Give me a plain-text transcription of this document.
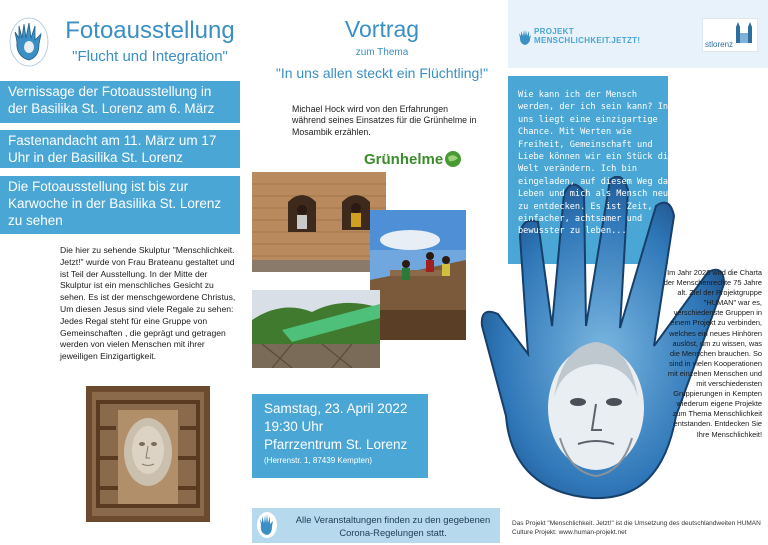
Fotoausstellung
"Flucht und Integration"
Vernissage der Fotoausstellung in der Basilika St. Lorenz am 6. März
Fastenandacht am 11. März um 17 Uhr in der Basilika St. Lorenz
Die Fotoausstellung ist bis zur Karwoche in der Basilika St. Lorenz zu sehen
Die hier zu sehende Skulptur "Menschlichkeit. Jetzt!" wurde von Frau Brateanu gestaltet und ist Teil der Ausstellung. In der Mitte der Skulptur ist ein menschliches Gesicht zu sehen. Es ist der menschgewordene Christus, Um diesen Jesus sind viele Regale zu sehen: Jedes Regal steht für eine Gruppe von Gemeinschaften , die geprägt und getragen werden von vielen Menschen mit ihrer jeweiligen Einzigartigkeit.
Vortrag
zum Thema
"In uns allen steckt ein Flüchtling!"
Michael Hock wird von den Erfahrungen während seines Einsatzes für die Grünhelme in Mosambik erzählen.
Grünhelme
Samstag, 23. April 2022
19:30 Uhr
Pfarrzentrum St. Lorenz
(Herrenstr. 1, 87439 Kempten)
Alle Veranstaltungen finden zu den gegebenen Corona-Regelungen statt.
PROJEKT
MENSCHLICHKEIT.JETZT!	stlorenz
Wie kann ich der Mensch werden, der ich sein kann? In uns liegt eine einzigartige Chance. Mit Werten wie Freiheit, Gemeinschaft und Liebe können wir ein Stück die Welt verändern. Ich bin eingeladen, auf diesem Weg das Leben und mich als Mensch neu zu entdecken. Es ist Zeit, einfacher, achtsamer und bewusster zu leben...
Im Jahr 2023 wird die Charta der Menschenrechte 75 Jahre alt. Ziel der Projektgruppe "HUMAN" war es, verschiedenste Gruppen in einem Projekt zu verbinden, welches ein neues Hinhören auslöst, um zu wissen, was die Menschen brauchen. So sind in vielen Kooperationen mit einzelnen Menschen und mit verschiedensten Gruppierungen in Kempten wiederum eigene Projekte zum Thema Menschlichkeit entstanden. Entdecken Sie Ihre Menschlichkeit!
Das Projekt "Menschlichkeit. Jetzt!" ist die Umsetzung des deutschlandweiten HUMAN Culture Projekt: www.human-projekt.net
